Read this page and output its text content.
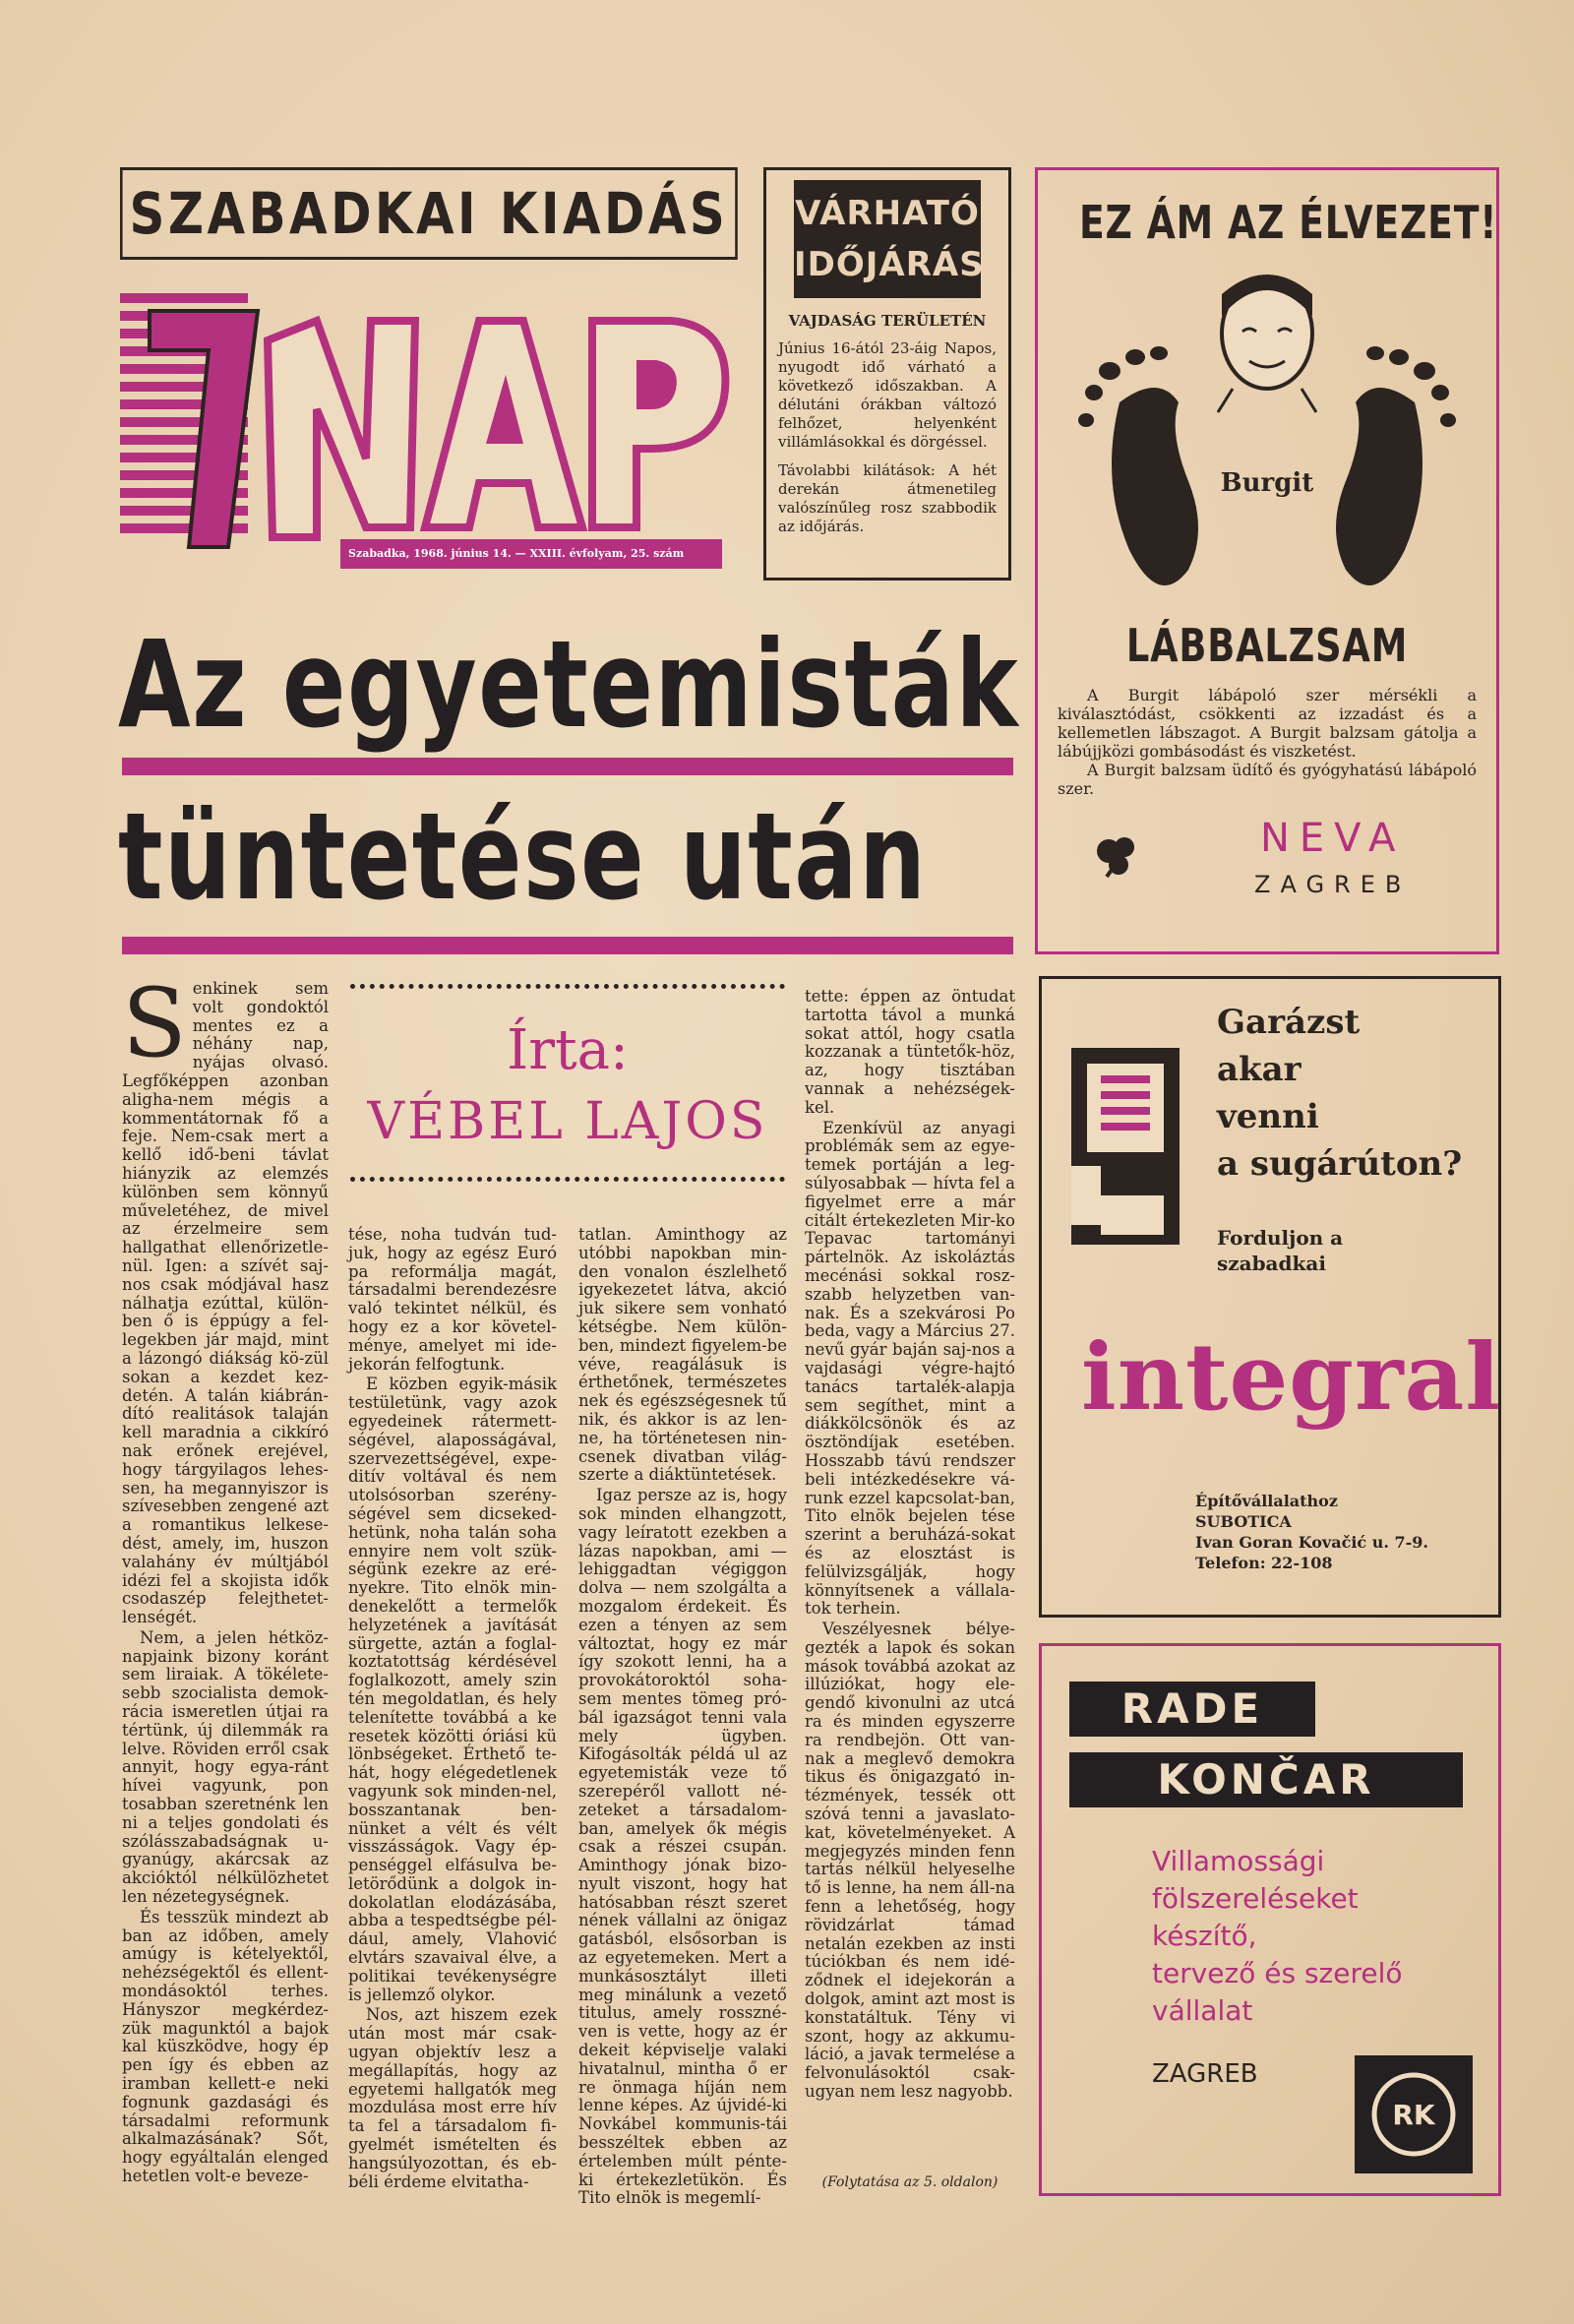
SZABADKAI KIADÁS
Szabadka, 1968. június 14. — XXIII. évfolyam, 25. szám
VÁRHATÓ
IDŐJÁRÁS
VAJDASÁG TERÜLETÉN
Június 16-ától 23-áig Napos, nyugodt idő várható a következő időszakban. A délutáni órákban változó felhőzet, helyenként villámlásokkal és dörgéssel.
Távolabbi kilátások: A hét derekán átmenetileg valószínűleg rosz szabbodik az időjárás.
Az egyetemisták
tüntetése után
S enkinek sem volt gondoktól mentes ez a néhány nap, nyájas olvasó. Legfőképpen azonban aligha-nem mégis a kommentátornak fő a feje. Nem-csak mert a kellő idő-beni távlat hiányzik az elemzés különben sem könnyű műveletéhez, de mivel az érzelmeire sem hallgathat ellenőrizetle-nül. Igen: a szívét saj-nos csak módjával hasz nálhatja ezúttal, külön-ben ő is éppúgy a fel-legekben jár majd, mint a lázongó diákság kö-zül sokan a kezdet kez-detén. A talán kiábrán-dító realitások talaján kell maradnia a cikkíró nak erőnek erejével, hogy tárgyilagos lehes-sen, ha megannyiszor is szívesebben zengené azt a romantikus lelkese-dést, amely, im, huszon valahány év múltjából idézi fel a skojista idők csodaszép felejthetet-lenségét.

Nem, a jelen hétköz-napjaink bizony koránt sem liraiak. A tökélete-sebb szocialista demok-rácia isмeretlen útjai ra tértünk, új dilemmák ra lelve. Röviden erről csak annyit, hogy egya-ránt hívei vagyunk, pon tosabban szeretnénk len ni a teljes gondolati és szólásszabadságnak u-gyanúgy, akárcsak az akcióktól nélkülözhetet len nézetegységnek.

És tesszük mindezt ab ban az időben, amely amúgy is kételyektől, nehézségektől és ellent-mondásoktól terhes. Hányszor megkérdez-zük magunktól a bajok kal küszködve, hogy ép pen így és ebben az iramban kellett-e neki fognunk gazdasági és társadalmi reformunk alkalmazásának? Sőt, hogy egyáltalán elenged hetetlen volt-e beveze-

Írta:
VÉBEL LAJOS

tése, noha tudván tud-juk, hogy az egész Euró pa reformálja magát, társadalmi berendezésre való tekintet nélkül, és hogy ez a kor követel-ménye, amelyet mi ide-jekorán felfogtunk.

E közben egyik-másik testületünk, vagy azok egyedeinek rátermett-ségével, alaposságával, szervezettségével, expe-ditív voltával és nem utolsósorban szerény-ségével sem dicseked-hetünk, noha talán soha ennyire nem volt szük-ségünk ezekre az eré-nyekre. Tito elnök min-denekelőtt a termelők helyzetének a javítását sürgette, aztán a foglal-koztatottság kérdésével foglalkozott, amely szin tén megoldatlan, és hely telenítette továbbá a ke resetek közötti óriási kü lönbségeket. Érthető te-hát, hogy elégedetlenek vagyunk sok minden-nel, bosszantanak ben-nünket a vélt és vélt visszásságok. Vagy ép-penséggel elfásulva be-letörődünk a dolgok in-dokolatlan elodázásába, abba a tespedtségbe pél-dául, amely, Vlahović elvtárs szavaival élve, a politikai tevékenységre is jellemző olykor.

Nos, azt hiszem ezek után most már csak-ugyan objektív lesz a megállapítás, hogy az egyetemi hallgatók meg mozdulása most erre hív ta fel a társadalom fi-gyelmét ismételten és hangsúlyozottan, és eb-béli érdeme elvitatha-

tatlan. Aminthogy az utóbbi napokban min-den vonalon észlelhető igyekezetet látva, akció juk sikere sem vonható kétségbe. Nem külön-ben, mindezt figyelem-be véve, reagálásuk is érthetőnek, természetes nek és egészségesnek tű nik, és akkor is az len-ne, ha történetesen nin-csenek divatban világ-szerte a diáktüntetések.

Igaz persze az is, hogy sok minden elhangzott, vagy leíratott ezekben a lázas napokban, ami — lehiggadtan végiggon dolva — nem szolgálta a mozgalom érdekeit. És ezen a tényen az sem változtat, hogy ez már így szokott lenni, ha a provokátoroktól soha-sem mentes tömeg pró-bál igazságot tenni vala mely ügyben. Kifogásolták példá ul az egyetemisták veze tő szerepéről vallott né-zeteket a társadalom-ban, amelyek ők mégis csak a részei csupán. Aminthogy jónak bizo-nyult viszont, hogy hat hatósabban részt szeret nének vállalni az önigaz gatásból, elsősorban is az egyetemeken. Mert a munkásosztályt illeti meg minálunk a vezető titulus, amely rosszné-ven is vette, hogy az ér dekeit képviselje valaki hivatalnul, mintha ő er re önmaga híján nem lenne képes. Az újvidé-ki Novkábel kommunis-tái besszéltek ebben az értelemben múlt pénte-ki értekezletükön. És Tito elnök is megemlí-

tette: éppen az öntudat tartotta távol a munká sokat attól, hogy csatla kozzanak a tüntetők-höz, az, hogy tisztában vannak a nehézségek-kel.

Ezenkívül az anyagi problémák sem az egye-temek portáján a leg-súlyosabbak — hívta fel a figyelmet erre a már citált értekezleten Mir-ko Tepavac tartományi pártelnök. Az iskoláztás mecénási sokkal rosz-szabb helyzetben van-nak. És a szekvárosi Po beda, vagy a Március 27. nevű gyár baján saj-nos a vajdasági végre-hajtó tanács tartalék-alapja sem segíthet, mint a diákkölcsönök és az ösztöndíjak esetében. Hosszabb távú rendszer beli intézkedésekre vá-runk ezzel kapcsolat-ban, Tito elnök bejelen tése szerint a beruházá-sokat és az elosztást is felülvizsgálják, hogy könnyítsenek a vállala-tok terhein.

Veszélyesnek bélye-gezték a lapok és sokan mások továbbá azokat az illúziókat, hogy ele-gendő kivonulni az utcá ra és minden egyszerre ra rendbejön. Ott van-nak a meglevő demokra tikus és önigazgató in-tézmények, tessék ott szóvá tenni a javaslato-kat, követelményeket. A megjegyzés minden fenn tartás nélkül helyeselhe tő is lenne, ha nem áll-na fenn a lehetőség, hogy rövidzárlat támad netalán ezekben az insti túciókban és nem idé-ződnek el idejekorán a dolgok, amint azt most is konstatáltuk. Tény vi szont, hogy az akkumu-láció, a javak termelése a felvonulásoktól csak-ugyan nem lesz nagyobb.

(Folytatása az 5. oldalon)
EZ ÁM AZ ÉLVEZET!
Burgit
LÁBBALZSAM

A Burgit lábápoló szer mérsékli a kiválasztódást, csökkenti az izzadást és a kellemetlen lábszagot. A Burgit balzsam gátolja a lábújjközi gombásodást és viszketést.

A Burgit balzsam üdítő és gyógyhatású lábápoló szer.

NEVA
ZAGREB
Garázst
akar
venni
a sugárúton?
Forduljon a
szabadkai
integral
Építővállalathoz
SUBOTICA
Ivan Goran Kovačić u. 7-9.
Telefon: 22-108
RADE
KONČAR
Villamossági
fölszereléseket
készítő,
tervező és szerelő
vállalat
ZAGREB
RK
